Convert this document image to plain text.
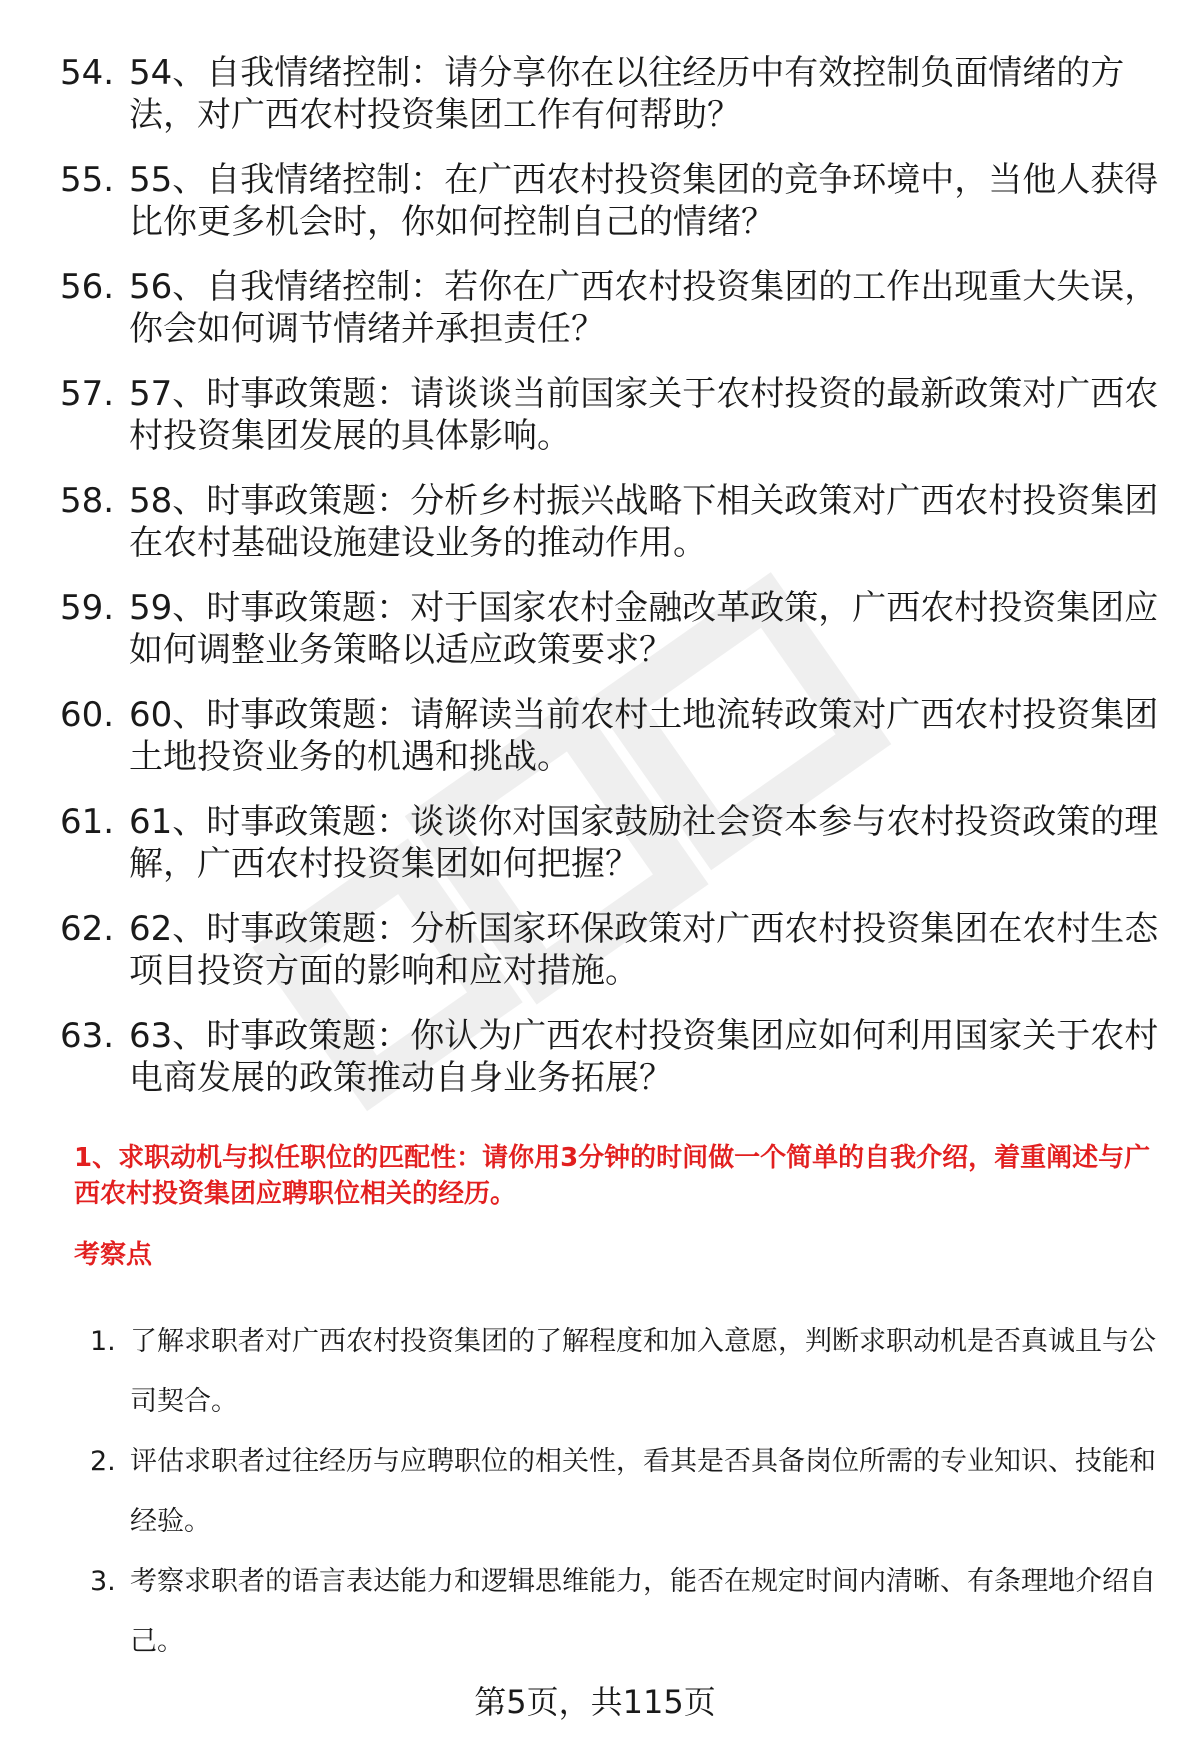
54. 54、自我情绪控制：请分享你在以往经历中有效控制负面情绪的方法，对广西农村投资集团工作有何帮助？
55. 55、自我情绪控制：在广西农村投资集团的竞争环境中，当他人获得比你更多机会时，你如何控制自己的情绪？
56. 56、自我情绪控制：若你在广西农村投资集团的工作出现重大失误，你会如何调节情绪并承担责任？
57. 57、时事政策题：请谈谈当前国家关于农村投资的最新政策对广西农村投资集团发展的具体影响。
58. 58、时事政策题：分析乡村振兴战略下相关政策对广西农村投资集团在农村基础设施建设业务的推动作用。
59. 59、时事政策题：对于国家农村金融改革政策，广西农村投资集团应如何调整业务策略以适应政策要求？
60. 60、时事政策题：请解读当前农村土地流转政策对广西农村投资集团土地投资业务的机遇和挑战。
61. 61、时事政策题：谈谈你对国家鼓励社会资本参与农村投资政策的理解，广西农村投资集团如何把握？
62. 62、时事政策题：分析国家环保政策对广西农村投资集团在农村生态项目投资方面的影响和应对措施。
63. 63、时事政策题：你认为广西农村投资集团应如何利用国家关于农村电商发展的政策推动自身业务拓展？
1、求职动机与拟任职位的匹配性：请你用3分钟的时间做一个简单的自我介绍，着重阐述与广西农村投资集团应聘职位相关的经历。
考察点
1. 了解求职者对广西农村投资集团的了解程度和加入意愿，判断求职动机是否真诚且与公司契合。
2. 评估求职者过往经历与应聘职位的相关性，看其是否具备岗位所需的专业知识、技能和经验。
3. 考察求职者的语言表达能力和逻辑思维能力，能否在规定时间内清晰、有条理地介绍自己。
第5页，共115页
